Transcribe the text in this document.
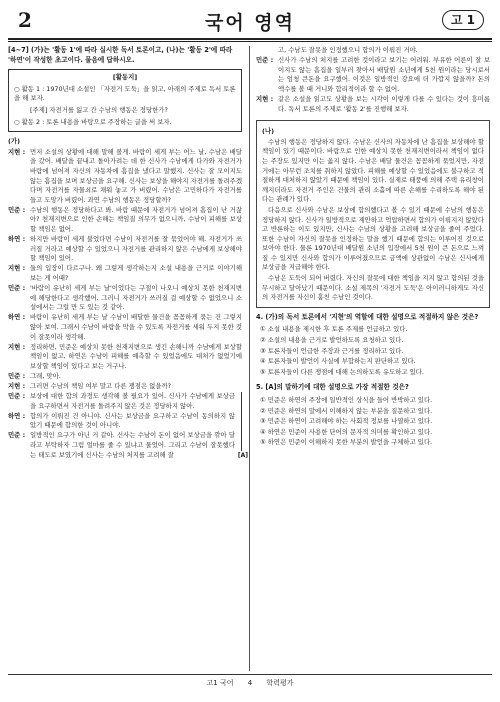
2	국어 영역	고 1
[4~7] (가)는 '활동 1'에 따라 실시한 독서 토론이고, (나)는 '활동 2'에 따라 '하연'이 작성한 초고이다. 물음에 답하시오.
[활동지]
○ 활동 1 : 1970년대 소설인 「자전거 도둑」을 읽고, 아래의 주제로 독서 토론을 해 보자.
[주제] 자전거를 잃고 간 수남의 행동은 정당한가?
○ 활동 2 : 토론 내용을 바탕으로 주장하는 글을 써 보자.
(가)
지현 : 먼저 소설의 상황에 대해 말해 볼게. 바람이 세게 부는 어느 날, 수남은 배달을 갔어. 배달을 끝내고 돌아가려는 데 한 신사가 수남에게 다가와 자전거가 바람에 넘어져 자신의 자동차에 흠집을 냈다고 말했지. 신사는 잘 모이지도 않는 흠집을 보며 보상금을 요구해. 신사는 보상을 해야지 자전거를 돌려주겠다며 자전거를 자물쇠로 채워 놓고 가 버렸어. 수남은 고민하다가 자전거를 들고 도망가 버렸어. 과연 수남의 행동은 정당할까?
민준 : 수남의 행동은 정당하다고 봐. 바람 때문에 자전거가 넘어져 흠집이 난 거잖아? 천재지변으로 인한 손해는 책임질 의무가 없으니까, 수남이 피해를 보상할 책임은 없어.
하연 : 하지만 바람이 세게 불었다면 수남이 자전거를 잘 묶었어야 해. 자전거가 쓰러질 거라고 예상할 수 있었으니 자전거를 관리하지 않은 수남에게 보상해야 할 책임이 있어.
지현 : 둘의 입장이 다르구나. 왜 그렇게 생각하는지 소설 내용을 근거로 이야기해 보는 게 어때?
민준 : '바람이 유난히 세게 부는 날'이었다는 구절이 나오니 예상치 못한 천재지변에 해당한다고 생각했어. 그러니 자전거가 쓰러질 걸 예상할 수 없었으니 소설에서는 그럴 만 도 있는 것 같아.
하연 : 바람이 유난히 세게 부는 날 수남이 배달한 물건을 꼼꼼하게 묶는 건 그렇지 않아 보여. 그래서 수남이 바람을 막을 수 있도록 자전거를 세워 두지 못한 것이 잘못이라 생각해.
지현 : 정리하면, 민준은 예상치 못한 천재지변으로 생긴 손해니까 수남에게 보상할 책임이 없고, 하연은 수남이 피해를 예측할 수 있었음에도 대처가 없었기에 보상할 책임이 있다고 보는 거구나.
민준 : 그래, 맞아.
지현 : 그러면 수남의 책임 여부 말고 다른 쟁점은 없을까?
민준 : 보상에 대한 합의 과정도 생각해 볼 필요가 있어. 신사가 수남에게 보상금을 요구하면서 자전거를 돌려주지 않은 것은 정당하지 않아.
하연 : 합의가 이뤄진 건 아니야. 신사는 보상금을 요구하고 수남이 동의하지 않았기 때문에 합의한 것이 아니야.
민준 : 일방적인 요구가 아닌 거 같아. 신사는 수남이 돈이 없어 보상금을 깎아 달라고 부탁하자 그럼 얼마를 줄 수 있냐고 물었어. 그리고 수남이 잘못했다는 태도로 보였기에 신사는 수남의 처지를 고려해 잘	[A]
고, 수남도 잘못을 인정했으니 합의가 이뤄진 거야.
민준 : 신사가 수남의 처지를 고려한 것이라고 보기는 어려워. 부유한 어른이 잘 보이지도 않는 흠집을 일부러 찾아서 배달원 소년에게 5천 원이라는 당시로서는 엄청 큰돈을 요구했어. 이것은 일방적인 강요에 더 가깝지 않을까? 돈의 액수를 볼 때 거니와 합리적이라 할 수 없어.
지현 : 같은 소설을 읽고도 상황을 보는 시각이 이렇게 다를 수 있다는 것이 흥미롭다. 독서 토론의 주제로 '활동 2'를 진행해 보자.
(나)

수남의 행동은 정당하지 않다. 수남은 신사의 자동차에 난 흠집을 보상해야 할 책임이 있기 때문이다. 바람으로 인한 예상치 못한 천재지변이라서 책임이 없다는 주장도 있지만 이는 옳지 않다. 수남은 배달 물건은 꼼꼼하게 묶었지만, 자전거에는 아무런 조치를 취하지 않았다. 피해를 예상할 수 있었음에도 불구하고 적절하게 대처하지 않았기 때문에 책임이 있다. 실제로 태풍에 의해 주택 유리창이 깨지더라도 자전거 주인은 건물의 관리 소홀에 따른 손해를 수리하도록 해야 된다는 관례가 있다.

다음으로 신사와 수남은 보상에 합의했다고 볼 수 있기 때문에 수남의 행동은 정당하지 않다. 신사가 일방적으로 제안하고 억압하면서 합의가 이뤄지지 않았다고 반론하는 이도 있지만, 신사는 수남의 상황을 고려해 보상금을 줄여 주었다. 또한 수남이 자신의 잘못을 인정하는 말을 했기 때문에 합의는 이루어진 것으로 보아야 한다. 물론 1970년대 배달원 소년의 입장에서 5천 원이 큰 돈으로 느껴질 수 있지만 신사와 합의가 이루어졌으므로 금액에 상관없이 수남은 신사에게 보상금을 지급해야 한다.

수남은 도둑이 되어 버렸다. 자신의 잘못에 대한 책임을 지지 않고 합의된 것을 무시하고 달아났기 때문이다. 소설 제목의 '자전거 도둑'은 아이러니하게도 자신의 자전거를 자신이 훔친 수남인 것이다.

4. (가)의 독서 토론에서 '지현'의 역할에 대한 설명으로 적절하지 않은 것은?
① 소설 내용을 제시한 후 토론 주제를 언급하고 있다.
② 소설의 내용을 근거로 발언하도록 요청하고 있다.
③ 토론자들이 언급한 주장과 근거를 정리하고 있다.
④ 토론자들이 발언이 사실에 부합하는지 판단하고 있다.
⑤ 토론자들이 다른 쟁점에 대해 논의하도록 유도하고 있다.
5. [A]의 말하기에 대한 설명으로 가장 적절한 것은?
① 민준은 하연의 주장에 일반적인 상식을 들어 반박하고 있다.
② 민준은 하연의 말에서 이해하지 않는 부분을 질문하고 있다.
③ 민준은 하연이 고려해야 하는 사회적 정보를 나열하고 있다.
④ 하연은 민준이 사용한 단어의 문자적 의미를 확인하고 있다.
⑤ 하연은 민준이 이해하지 못한 부분의 발언을 구체하고 있다.
고1 국어 4 학력평가
